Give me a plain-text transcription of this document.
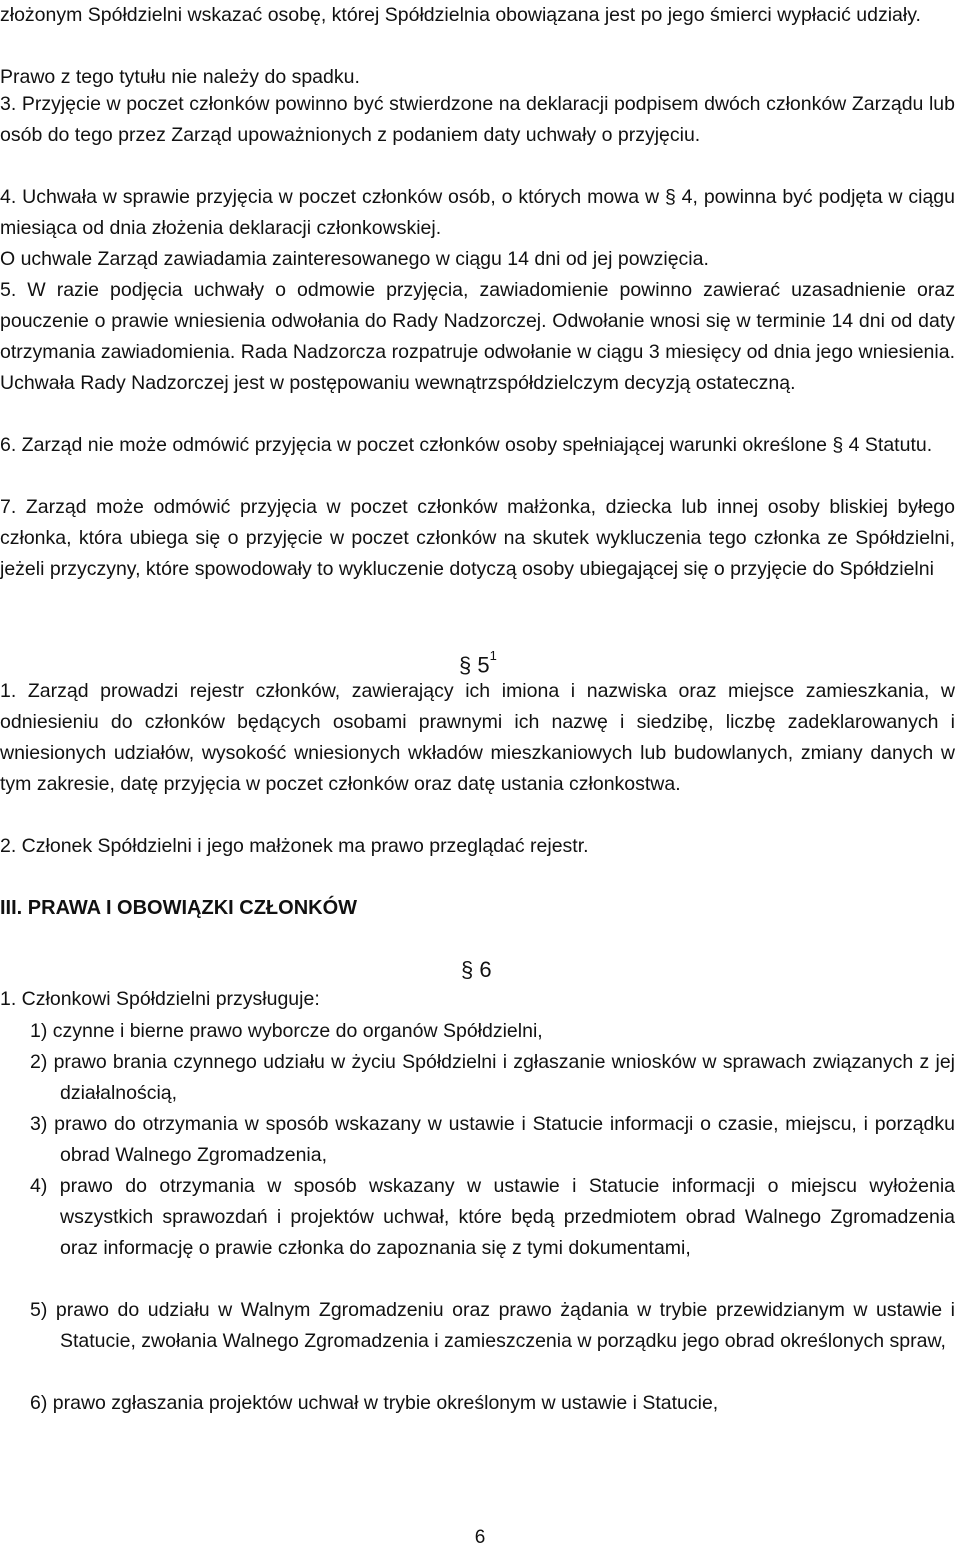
złożonym Spółdzielni wskazać osobę, której Spółdzielnia obowiązana jest po jego śmierci wypłacić udziały.

Prawo z tego tytułu nie należy do spadku.

3. Przyjęcie w poczet członków powinno być stwierdzone na deklaracji podpisem dwóch członków Zarządu lub osób do tego przez Zarząd upoważnionych z podaniem daty uchwały o przyjęciu.

4. Uchwała w sprawie przyjęcia w poczet członków osób, o których mowa w § 4, powinna być podjęta w ciągu miesiąca od dnia złożenia deklaracji członkowskiej.

O uchwale Zarząd zawiadamia zainteresowanego w ciągu 14 dni od jej powzięcia.

5. W razie podjęcia uchwały o odmowie przyjęcia, zawiadomienie powinno zawierać uzasadnienie oraz pouczenie o prawie wniesienia odwołania do Rady Nadzorczej. Odwołanie wnosi się w terminie 14 dni od daty otrzymania zawiadomienia. Rada Nadzorcza rozpatruje odwołanie w ciągu 3 miesięcy od dnia jego wniesienia. Uchwała Rady Nadzorczej jest w postępowaniu wewnątrzspółdzielczym decyzją ostateczną.

6. Zarząd nie może odmówić przyjęcia w poczet członków osoby spełniającej warunki określone § 4 Statutu.

7. Zarząd może odmówić przyjęcia w poczet członków małżonka, dziecka lub innej osoby bliskiej byłego członka, która ubiega się o przyjęcie w poczet członków na skutek wykluczenia tego członka ze Spółdzielni, jeżeli przyczyny, które spowodowały to wykluczenie dotyczą osoby ubiegającej się o przyjęcie do Spółdzielni

§ $5^1$

1. Zarząd prowadzi rejestr członków, zawierający ich imiona i nazwiska oraz miejsce zamieszkania, w odniesieniu do członków będących osobami prawnymi ich nazwę i siedzibę, liczbę zadeklarowanych i wniesionych udziałów, wysokość wniesionych wkładów mieszkaniowych lub budowlanych, zmiany danych w tym zakresie, datę przyjęcia w poczet członków oraz datę ustania członkostwa.

2. Członek Spółdzielni i jego małżonek ma prawo przeglądać rejestr.

III. PRAWA I OBOWIĄZKI CZŁONKÓW
§ 6

1. Członkowi Spółdzielni przysługuje:

1) czynne i bierne prawo wyborcze do organów Spółdzielni,

2) prawo brania czynnego udziału w życiu Spółdzielni i zgłaszanie wniosków w sprawach związanych z jej działalnością,

3) prawo do otrzymania w sposób wskazany w ustawie i Statucie informacji o czasie, miejscu, i porządku obrad Walnego Zgromadzenia,

4) prawo do otrzymania w sposób wskazany w ustawie i Statucie informacji o miejscu wyłożenia wszystkich sprawozdań i projektów uchwał, które będą przedmiotem obrad Walnego Zgromadzenia oraz informację o prawie członka do zapoznania się z tymi dokumentami,

5) prawo do udziału w Walnym Zgromadzeniu oraz prawo żądania w trybie przewidzianym w ustawie i Statucie, zwołania Walnego Zgromadzenia i zamieszczenia w porządku jego obrad określonych spraw,

6) prawo zgłaszania projektów uchwał w trybie określonym w ustawie i Statucie,

6
